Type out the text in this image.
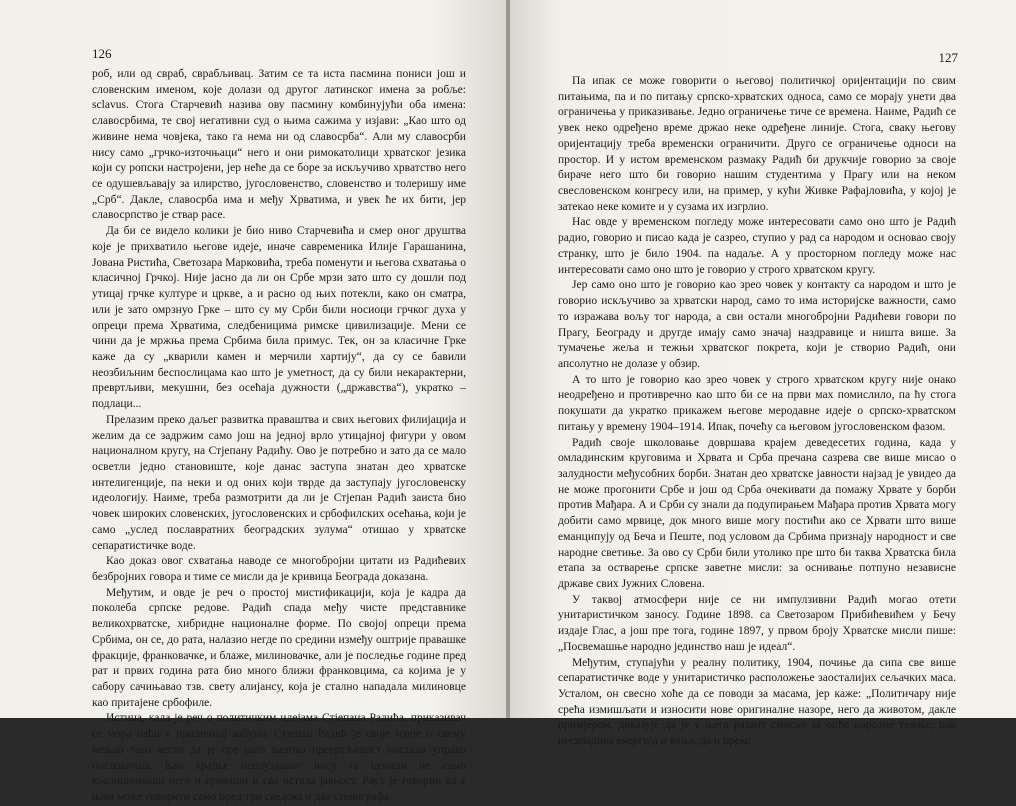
126

роб, или од свраб, сврабљивац. Затим се та иста пасмина пониси још и словенским именом, које долази од другог латинског имена за робље: sclavus. Стога Старчевић назива ову пасмину комбинујући оба имена: славосрбима, те свој негативни суд о њима сажима у изјави: „Као што од живине нема човјека, тако га нема ни од славосрба“. Али му славосрби нису само „грчко-източњаци“ него и они римокатолици хрватског језика који су ропски настројени, јер неће да се боре за искључиво хрватство него се одушевљавају за илирство, југословенство, словенство и толеришу име „Срб“. Дакле, славосрба има и међу Хрватима, и увек ће их бити, јер славосрпство је ствар расе.

Да би се видело колики је био ниво Старчевића и смер оног друштва које је прихватило његове идеје, иначе савременика Илије Гарашанина, Јована Ристића, Светозара Марковића, треба поменути и његова схватања о класичној Грчкој. Није јасно да ли он Србе мрзи зато што су дошли под утицај грчке културе и цркве, а и расно од њих потекли, како он сматра, или је зато омрзнуо Грке – што су му Срби били носиоци грчког духа у опреци према Хрватима, следбеницима римске цивилизације. Мени се чини да је мржња према Србима била примус. Тек, он за класичне Грке каже да су „кварили камен и мерчили хартију“, да су се бавили неозбиљним беспослицама као што је уметност, да су били некарактерни, превртљиви, мекушни, без осећаја дужности („државства“), укратко – подлаци...

Прелазим преко даљег развитка праваштва и свих његових филијација и желим да се задржим само још на једној врло утицајној фигури у овом националном кругу, на Стјепану Радићу. Ово је потребно и зато да се мало осветли једно становиште, које данас заступа знатан део хрватске интелигенције, па неки и од оних који тврде да заступају југословенску идеологију. Наиме, треба размотрити да ли је Стјепан Радић заиста био човек широких словенских, југословенских и србофилских осећања, који је само „услед пославратних београдских зулума“ отишао у хрватске сепаратистичке воде.

Као доказ овог схватања наводе се многобројни цитати из Радићевих безбројних говора и тиме се мисли да је кривица Београда доказана.

Међутим, и овде је реч о простој мистификацији, која је кадра да поколеба српске редове. Радић спада међу чисте представнике великохрватске, хибридне националне форме. По својој опреци према Србима, он се, до рата, налазио негде по средини између оштрије правашке фракције, франковачке, и блаже, милиновачке, али је последње године пред рат и првих година рата био много ближи франковцима, са којима је у сабору сачињавао тзв. свету алијансу, која је стално нападала милиновце као притајене србофиле.

Истина, када је реч о политичким идејама Стјепана Радића, приказивач се мора наћи у приличној забуни: Стјепан Радић је своје идеје о свему мењао тако често да је пре рата његова превртљивост постала управо пословична. Као крајње непоузданог нису га ценили не само коалиционаши него и праваши и сва остала јавност. Раух је говорио да с њим може говорити само пред три сведока и два стенографа.

127

Па ипак се може говорити о његовој политичкој оријентацији по свим питањима, па и по питању српско-хрватских односа, само се морају унети два ограничења у приказивање. Једно ограничење тиче се времена. Наиме, Радић се увек неко одређено време држао неке одређене линије. Стога, сваку његову оријентацију треба временски ограничити. Друго се ограничење односи на простор. И у истом временском размаку Радић би друкчије говорио за своје бираче него што би говорио нашим студентима у Прагу или на неком свесловенском конгресу или, на пример, у кући Живке Рафајловића, у којој је затекао неке комите и у сузама их изгрлио.

Нас овде у временском погледу може интересовати само оно што је Радић радио, говорио и писао када је сазрео, ступио у рад са народом и основао своју странку, што је било 1904. па надаље. А у просторном погледу може нас интересовати само оно што је говорио у строго хрватском кругу.

Јер само оно што је говорио као зрео човек у контакту са народом и што је говорио искључиво за хрватски народ, само то има историјске важности, само то изражава вољу тог народа, а сви остали многобројни Радићеви говори по Прагу, Београду и другде имају само значај наздравице и ништа више. За тумачење жеља и тежњи хрватског покрета, који је створио Радић, они апсолутно не долазе у обзир.

А то што је говорио као зрео човек у строго хрватском кругу није онако неодређено и противречно као што би се на први мах помислило, па ћу стога покушати да укратко прикажем његове меродавне идеје о српско-хрватском питању у времену 1904–1914. Ипак, почећу са његовом југословенском фазом.

Радић своје школовање довршава крајем деведесетих година, када у омладинским круговима и Хрвата и Срба пречана сазрева све више мисао о залудности међусобних борби. Знатан део хрватске јавности најзад је увидео да не може прогонити Србе и још од Срба очекивати да помажу Хрвате у борби против Мађара. А и Срби су знали да подупирањем Мађара против Хрвата могу добити само мрвице, док много више могу постићи ако се Хрвати што више еманципују од Беча и Пеште, под условом да Србима признају народност и све народне светиње. За ово су Срби били утолико пре што би таква Хрватска била етапа за остварење српске заветне мисли: за оснивање потпуно независне државе свих Јужних Словена.

У таквој атмосфери није се ни импулзивни Радић могао отети унитаристичком заносу. Године 1898. са Светозаром Прибићевићем у Бечу издаје Глас, а још пре тога, године 1897, у првом броју Хрватске мисли пише: „Посвемашње народно јединство наш је идеал“.

Међутим, ступајући у реалну политику, 1904, почиње да сипа све више сепаратистичке воде у унитаристичко расположење заосталијих сељачких маса. Усталом, он свесно хоће да се поводи за масама, јер каже: „Политичару није срећа измишљати и износити нове оригиналне назоре, него да животом, дакле примјером, доказује да је у њега развит смисао за опће народне тежње, пак несвладива енергија и воља, да и преко
